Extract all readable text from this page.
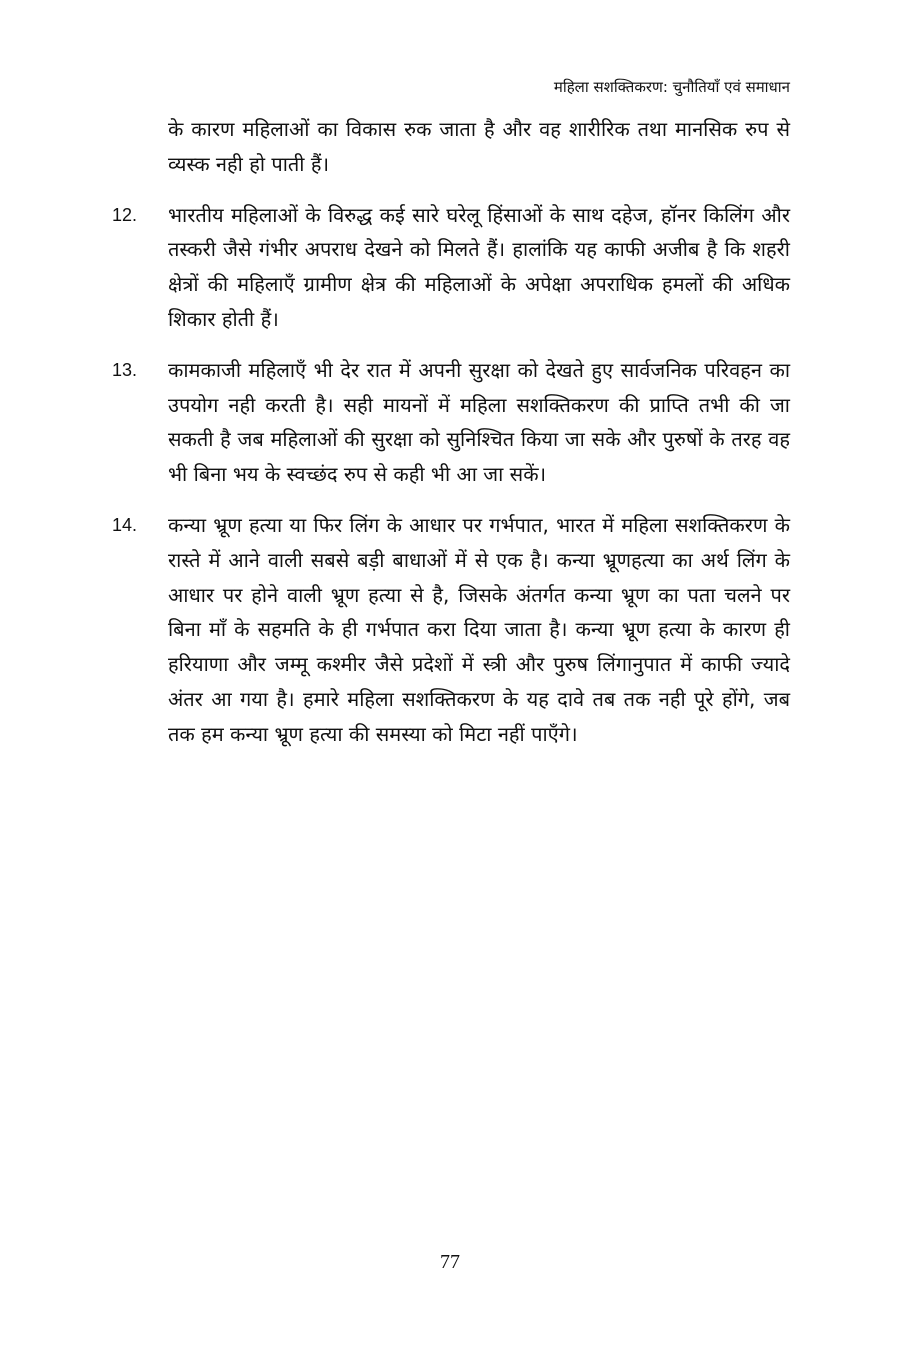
महिला सशक्तिकरण: चुनौतियाँ एवं समाधान

के कारण महिलाओं का विकास रुक जाता है और वह शारीरिक तथा मानसिक रुप से व्यस्क नही हो पाती हैं।

12. भारतीय महिलाओं के विरुद्ध कई सारे घरेलू हिंसाओं के साथ दहेज, हॉनर किलिंग और तस्करी जैसे गंभीर अपराध देखने को मिलते हैं। हालांकि यह काफी अजीब है कि शहरी क्षेत्रों की महिलाएँ ग्रामीण क्षेत्र की महिलाओं के अपेक्षा अपराधिक हमलों की अधिक शिकार होती हैं।
13. कामकाजी महिलाएँ भी देर रात में अपनी सुरक्षा को देखते हुए सार्वजनिक परिवहन का उपयोग नही करती है। सही मायनों में महिला सशक्तिकरण की प्राप्ति तभी की जा सकती है जब महिलाओं की सुरक्षा को सुनिश्चित किया जा सके और पुरुषों के तरह वह भी बिना भय के स्वच्छंद रुप से कही भी आ जा सकें।
14. कन्या भ्रूण हत्या या फिर लिंग के आधार पर गर्भपात, भारत में महिला सशक्तिकरण के रास्ते में आने वाली सबसे बड़ी बाधाओं में से एक है। कन्या भ्रूणहत्या का अर्थ लिंग के आधार पर होने वाली भ्रूण हत्या से है, जिसके अंतर्गत कन्या भ्रूण का पता चलने पर बिना माँ के सहमति के ही गर्भपात करा दिया जाता है। कन्या भ्रूण हत्या के कारण ही हरियाणा और जम्मू कश्मीर जैसे प्रदेशों में स्त्री और पुरुष लिंगानुपात में काफी ज्यादे अंतर आ गया है। हमारे महिला सशक्तिकरण के यह दावे तब तक नही पूरे होंगे, जब तक हम कन्या भ्रूण हत्या की समस्या को मिटा नहीं पाएँगे।
77
